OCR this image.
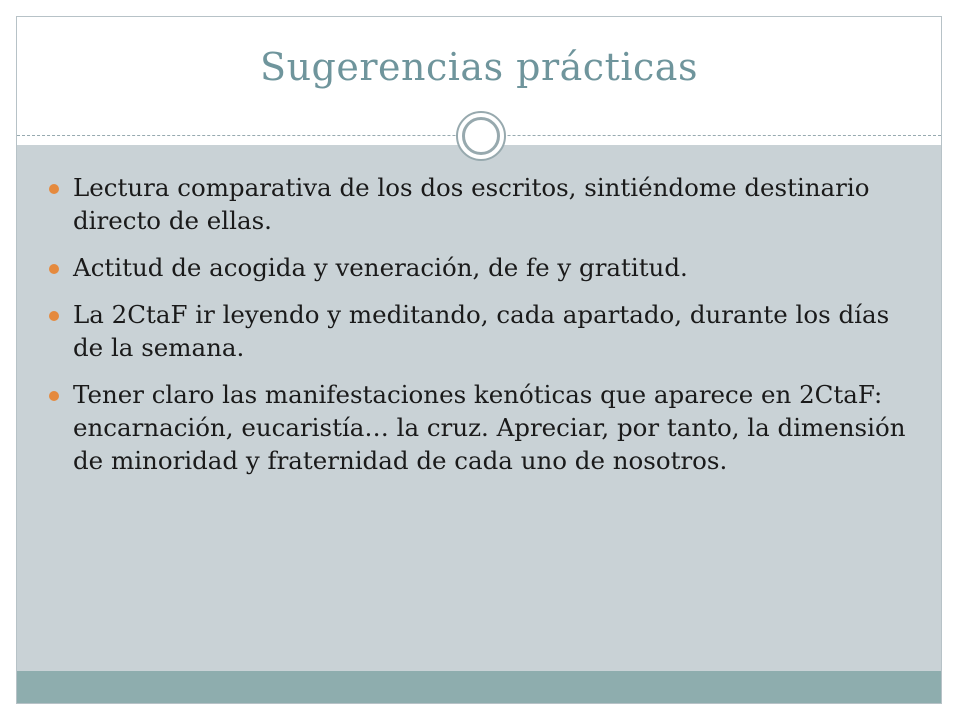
Sugerencias prácticas
Lectura comparativa de los dos escritos, sintiéndome destinario directo de ellas.
Actitud de acogida y veneración, de fe y gratitud.
La 2CtaF ir leyendo y meditando, cada apartado, durante los días de la semana.
Tener claro las manifestaciones kenóticas que aparece en 2CtaF: encarnación, eucaristía… la cruz. Apreciar, por tanto, la dimensión de minoridad y fraternidad de cada uno de nosotros.
